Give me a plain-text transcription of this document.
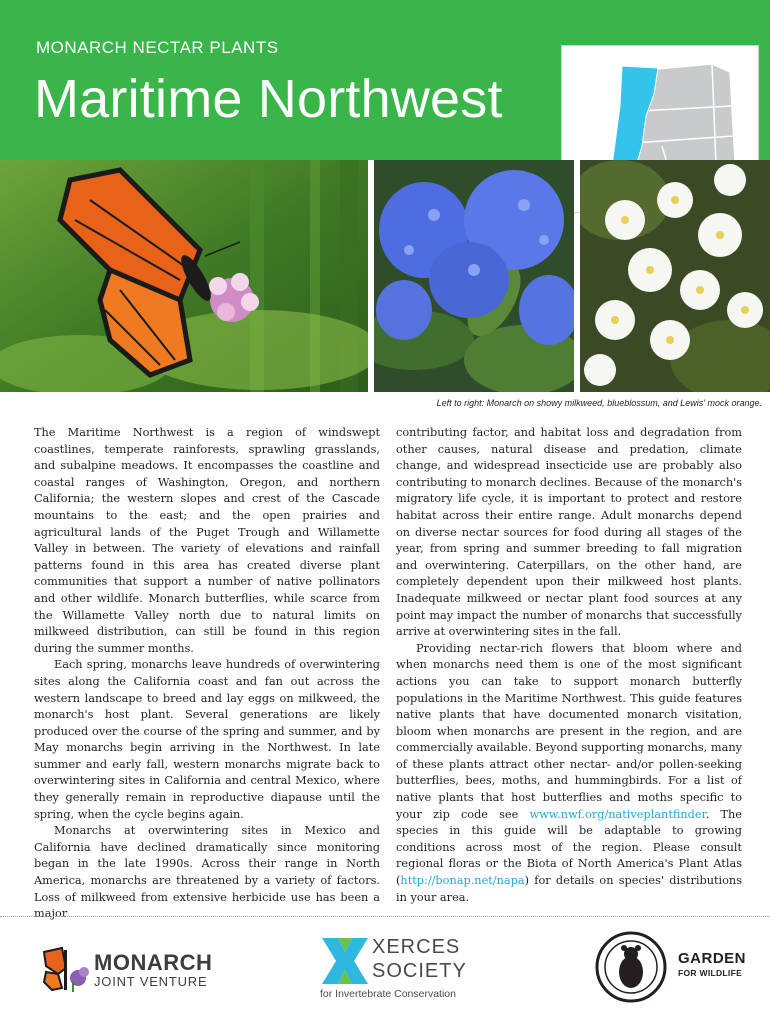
MONARCH NECTAR PLANTS
Maritime Northwest
Left to right: Monarch on showy milkweed, blueblossum, and Lewis' mock orange.

The Maritime Northwest is a region of windswept coastlines, temperate rainforests, sprawling grasslands, and subalpine meadows. It encompasses the coastline and coastal ranges of Washington, Oregon, and northern California; the western slopes and crest of the Cascade mountains to the east; and the open prairies and agricultural lands of the Puget Trough and Willamette Valley in between. The variety of elevations and rainfall patterns found in this area has created diverse plant communities that support a number of native pollinators and other wildlife. Monarch butterflies, while scarce from the Willamette Valley north due to natural limits on milkweed distribution, can still be found in this region during the summer months.

Each spring, monarchs leave hundreds of overwintering sites along the California coast and fan out across the western landscape to breed and lay eggs on milkweed, the monarch's host plant. Several generations are likely produced over the course of the spring and summer, and by May monarchs begin arriving in the Northwest. In late summer and early fall, western monarchs migrate back to overwintering sites in California and central Mexico, where they generally remain in reproductive diapause until the spring, when the cycle begins again.

Monarchs at overwintering sites in Mexico and California have declined dramatically since monitoring began in the late 1990s. Across their range in North America, monarchs are threatened by a variety of factors. Loss of milkweed from extensive herbicide use has been a major

contributing factor, and habitat loss and degradation from other causes, natural disease and predation, climate change, and widespread insecticide use are probably also contributing to monarch declines. Because of the monarch's migratory life cycle, it is important to protect and restore habitat across their entire range. Adult monarchs depend on diverse nectar sources for food during all stages of the year, from spring and summer breeding to fall migration and overwintering. Caterpillars, on the other hand, are completely dependent upon their milkweed host plants. Inadequate milkweed or nectar plant food sources at any point may impact the number of monarchs that successfully arrive at overwintering sites in the fall.

Providing nectar-rich flowers that bloom where and when monarchs need them is one of the most significant actions you can take to support monarch butterfly populations in the Maritime Northwest. This guide features native plants that have documented monarch visitation, bloom when monarchs are present in the region, and are commercially available. Beyond supporting monarchs, many of these plants attract other nectar- and/or pollen-seeking butterflies, bees, moths, and hummingbirds. For a list of native plants that host butterflies and moths specific to your zip code see www.nwf.org/nativeplantfinder. The species in this guide will be adaptable to growing conditions across most of the region. Please consult regional floras or the Biota of North America's Plant Atlas (http://bonap.net/napa) for details on species' distributions in your area.

MONARCH
JOINT VENTURE
XERCES
SOCIETY
for Invertebrate Conservation
GARDEN
FOR WILDLIFE
